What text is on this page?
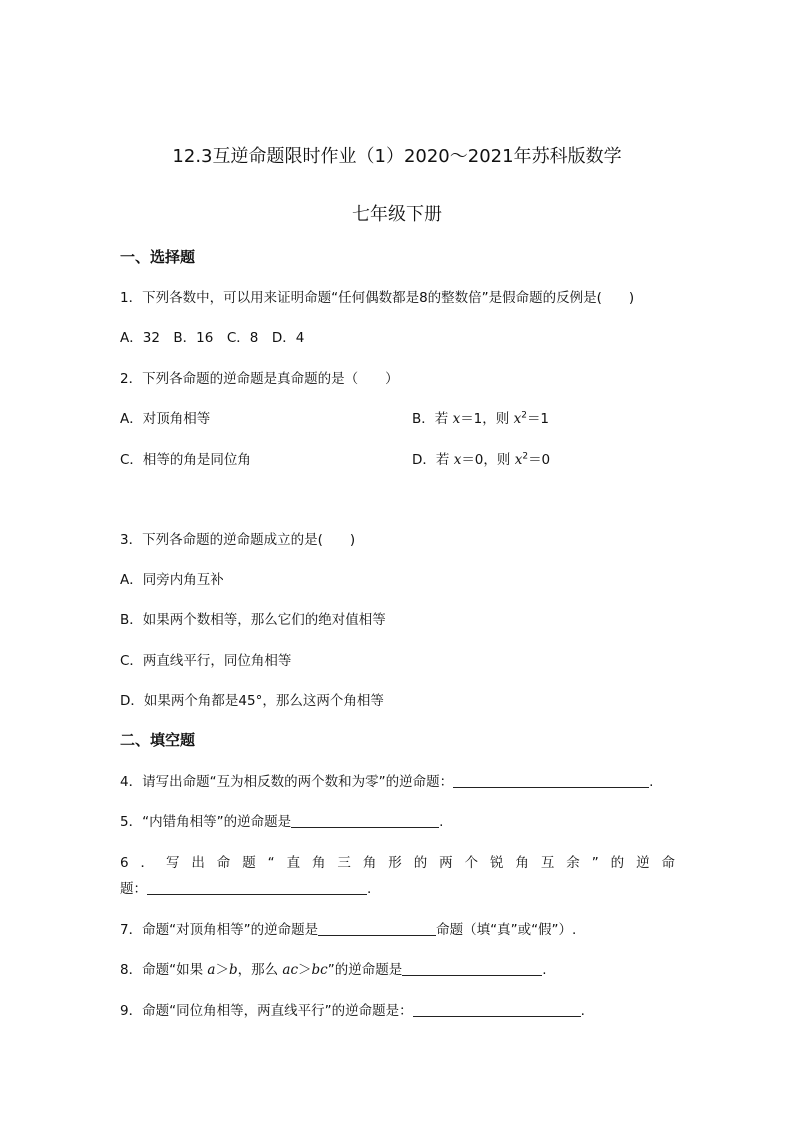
12.3互逆命题限时作业（1）2020～2021年苏科版数学
七年级下册
一、选择题
1．下列各数中，可以用来证明命题“任何偶数都是8的整数倍”是假命题的反例是(　　)
A．32　B．16　C．8　D．4
2．下列各命题的逆命题是真命题的是（　　）
A．对顶角相等	B．若 x＝1，则 $x^2=1$
C．相等的角是同位角	D．若 x＝0，则 $x^2=0$
3．下列各命题的逆命题成立的是(　　)
A．同旁内角互补
B．如果两个数相等，那么它们的绝对值相等
C．两直线平行，同位角相等
D．如果两个角都是45°，那么这两个角相等
二、填空题
4．请写出命题“互为相反数的两个数和为零”的逆命题：	.
5．“内错角相等”的逆命题是	.
6．写出命题“直角三角形的两个锐角互余”的逆命
题：	.
7．命题“对顶角相等”的逆命题是	命题（填“真”或“假”）.
8．命题“如果 a＞b，那么 ac＞bc”的逆命题是	.
9．命题“同位角相等，两直线平行”的逆命题是：	.
